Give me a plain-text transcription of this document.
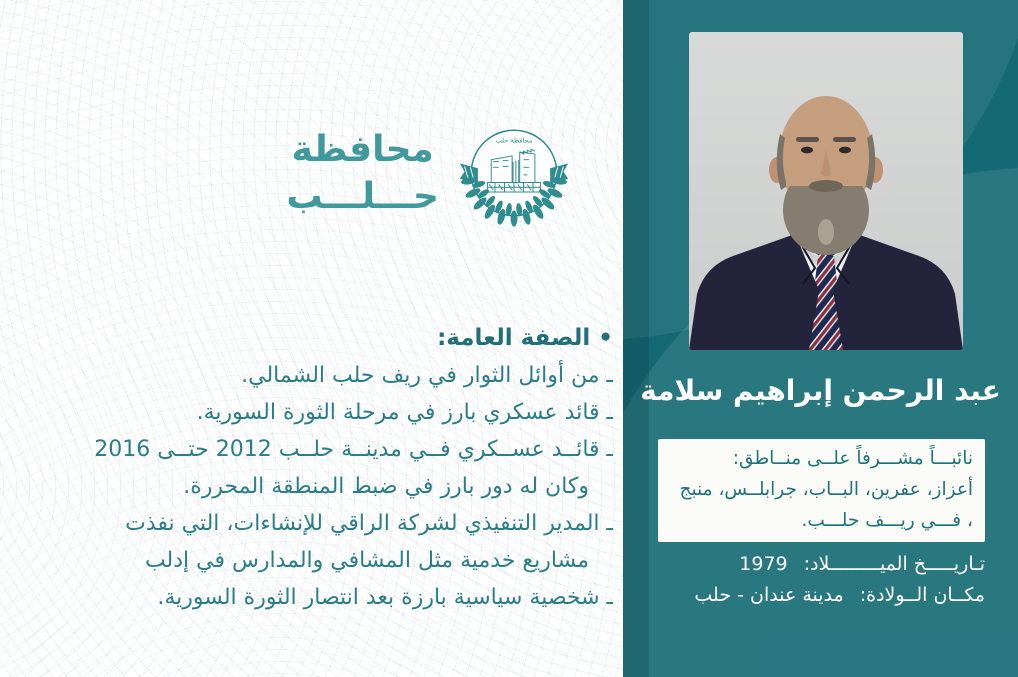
محافظة
حـــلـــب
محافظة حلب
• الصفة العامة:
ـ من أوائل الثوار في ريف حلب الشمالي.
ـ قائد عسكري بارز في مرحلة الثورة السورية.
ـ قائــد عســكري فــي مدينــة حلــب 2012 حتــى 2016
وكان له دور بارز في ضبط المنطقة المحررة.
ـ المدير التنفيذي لشركة الراقي للإنشاءات، التي نفذت
مشاريع خدمية مثل المشافي والمدارس في إدلب
ـ شخصية سياسية بارزة بعد انتصار الثورة السورية.
عبد الرحمن إبراهيم سلامة
نائبـــاً مشـــرفاً علــى منــاطق:
أعزاز، عفرين، البــاب، جرابلــس، منبج
، فـــي ريـــف حلـــب.
تـاريـــــخ الميـــــــــلاد: 1979
مكــان الــولادة: مدينة عندان - حلب
